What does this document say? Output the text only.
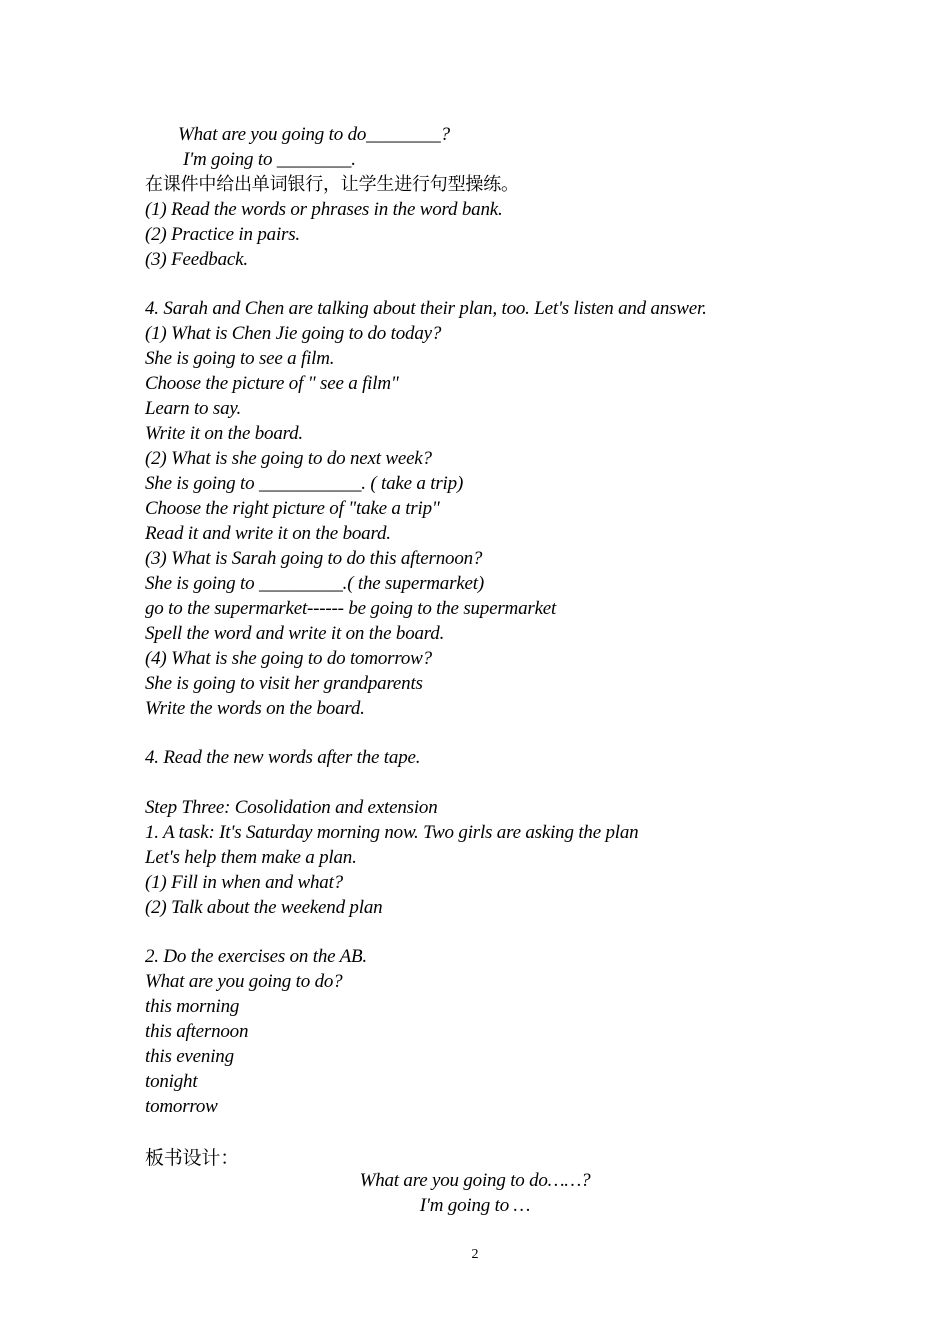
What are you going to do________?
I'm going to ________.
在课件中给出单词银行，让学生进行句型操练。
(1) Read the words or phrases in the word bank.
(2) Practice in pairs.
(3) Feedback.
4. Sarah and Chen are talking about their plan, too. Let's listen and answer.
(1) What is Chen Jie going to do today?
She is going to see a film.
Choose the picture of " see a film"
Learn to say.
Write it on the board.
(2) What is she going to do next week?
She is going to ___________. ( take a trip)
Choose the right picture of "take a trip"
Read it and write it on the board.
(3) What is Sarah going to do this afternoon?
She is going to _________.( the supermarket)
go to the supermarket------ be going to the supermarket
Spell the word and write it on the board.
(4) What is she going to do tomorrow?
She is going to visit her grandparents
Write the words on the board.
4. Read the new words after the tape.
Step Three: Cosolidation and extension
1. A task: It's Saturday morning now. Two girls are asking the plan
Let's help them make a plan.
(1) Fill in when and what?
(2) Talk about the weekend plan
2. Do the exercises on the AB.
What are you going to do?
this morning
this afternoon
this evening
tonight
tomorrow
板书设计：
What are you going to do……?
I'm going to …
2
